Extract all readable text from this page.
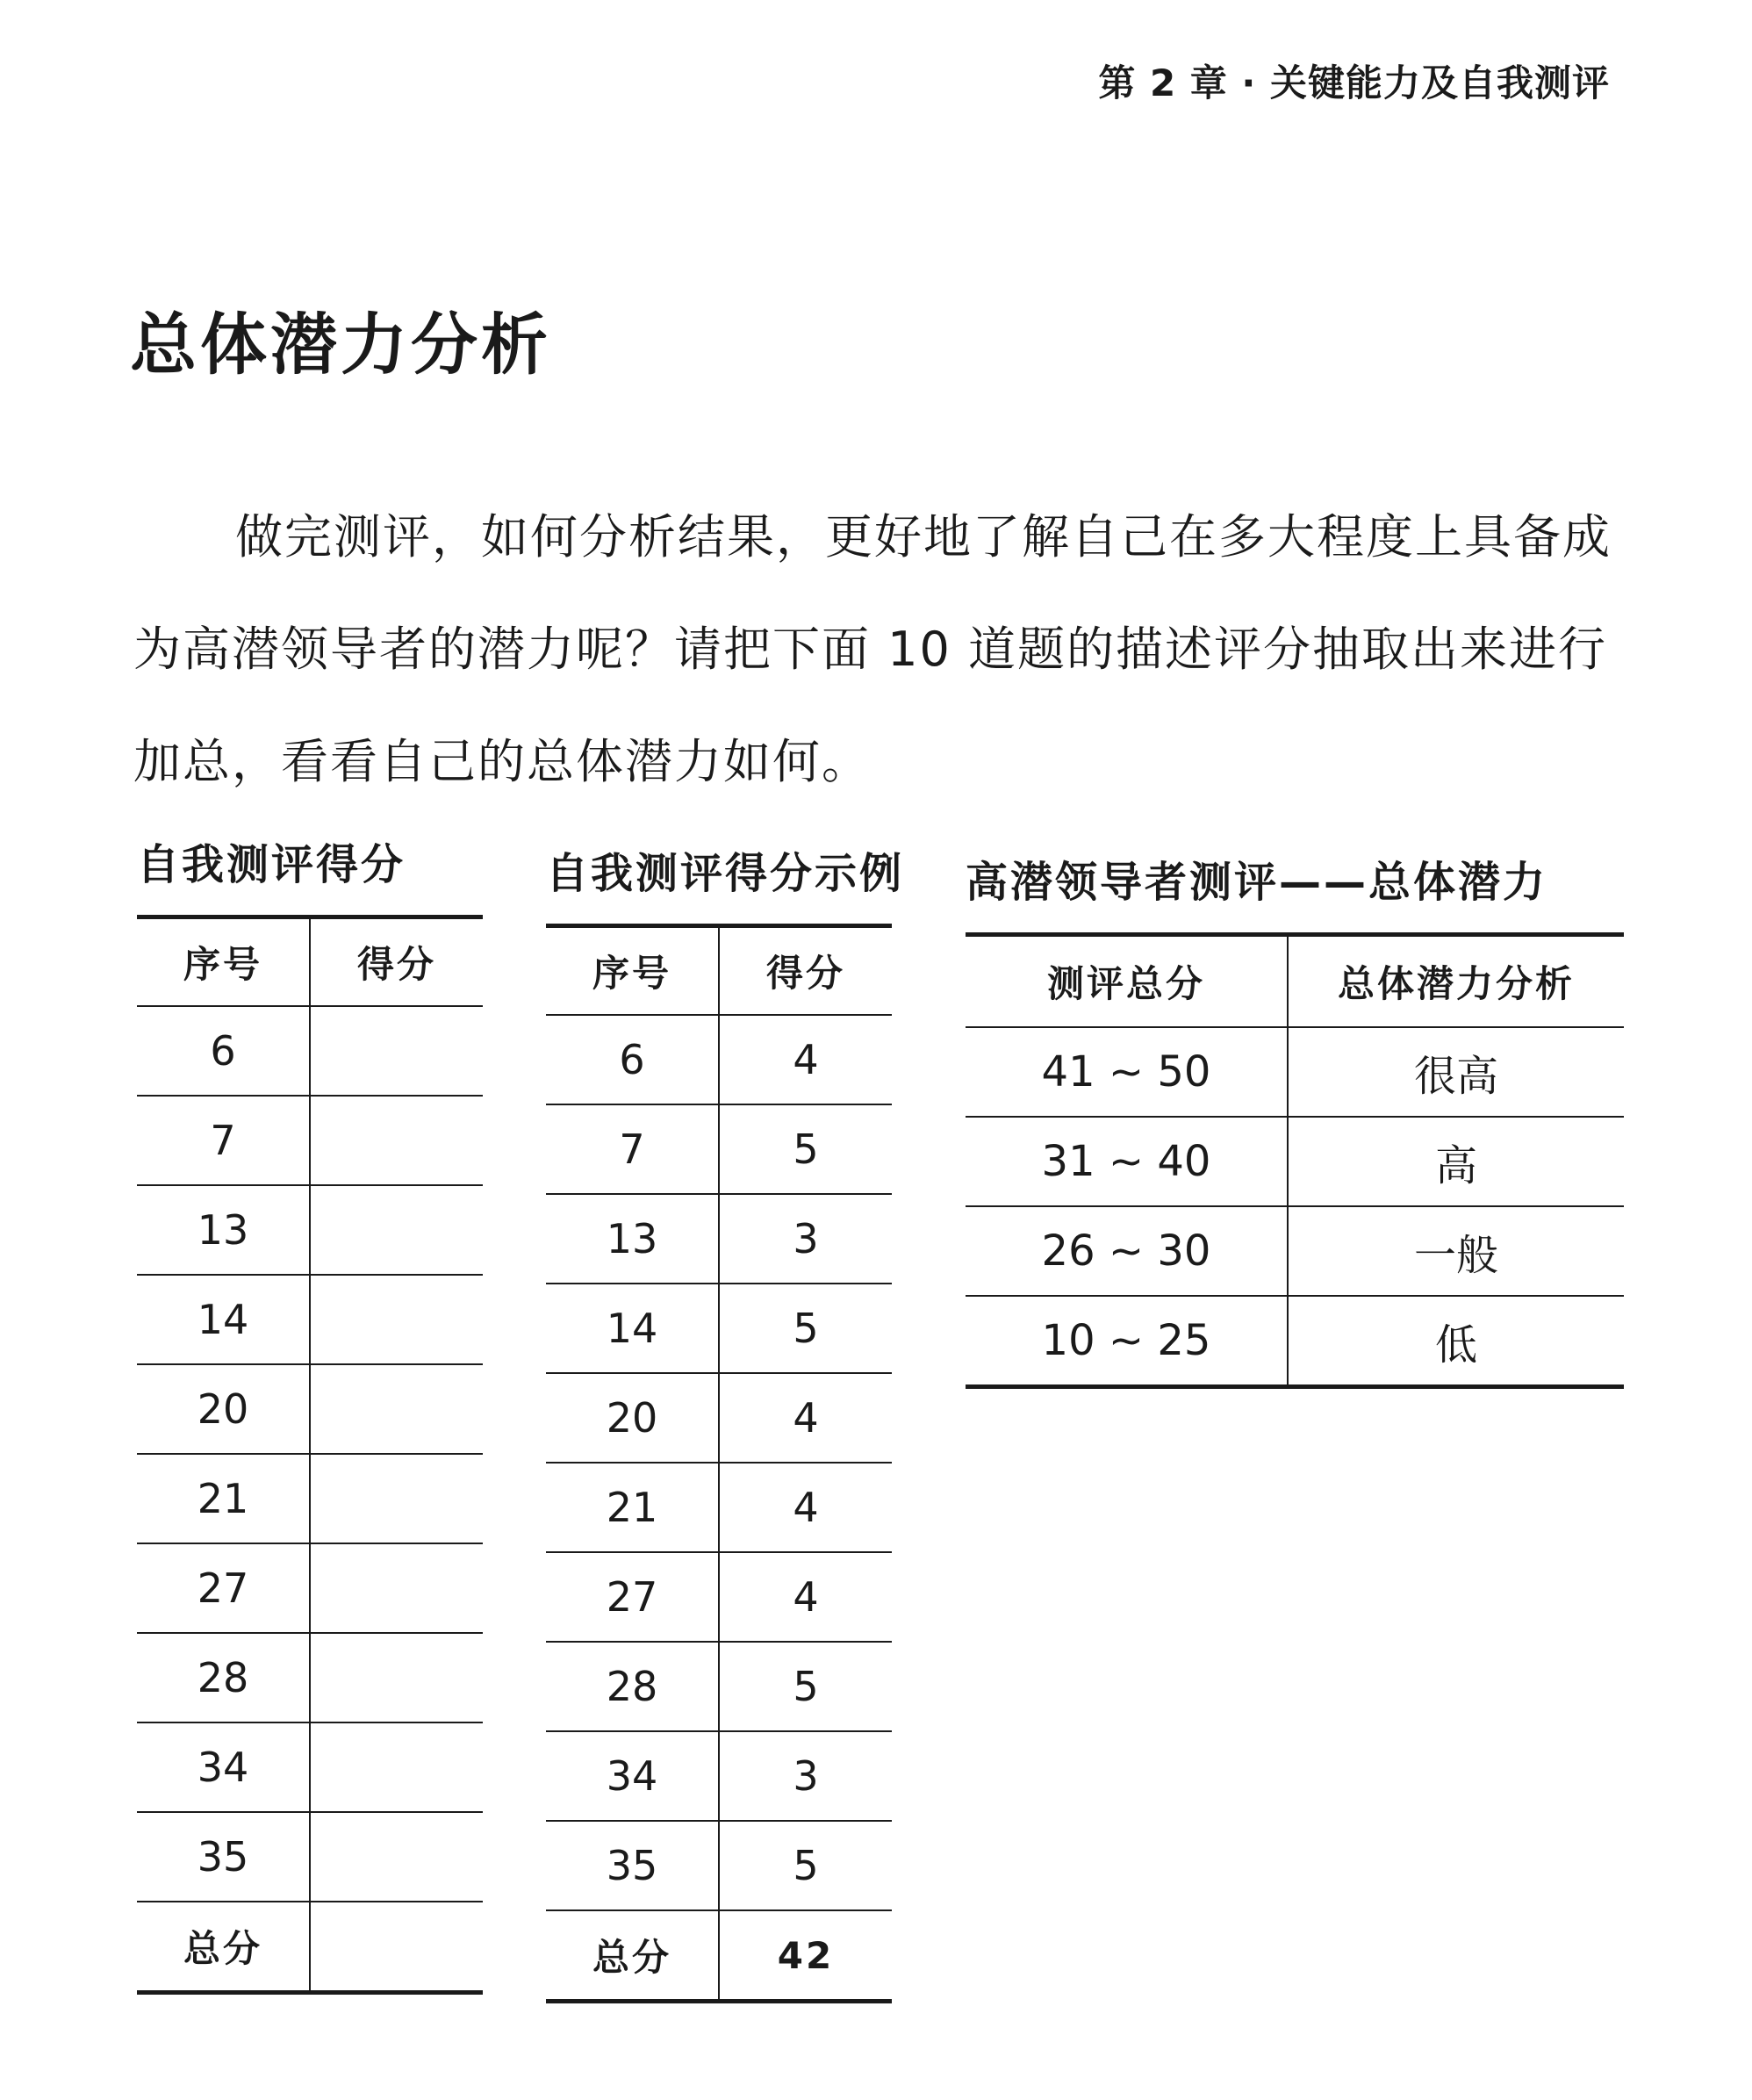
第 2 章 · 关键能力及自我测评
总体潜力分析

做完测评，如何分析结果，更好地了解自己在多大程度上具备成为高潜领导者的潜力呢？请把下面 10 道题的描述评分抽取出来进行加总，看看自己的总体潜力如何。

自我测评得分
序号	得分
6	
7	
13	
14	
20	
21	
27	
28	
34	
35	
总分	
自我测评得分示例
序号	得分
6	4
7	5
13	3
14	5
20	4
21	4
27	4
28	5
34	3
35	5
总分	42
高潜领导者测评——总体潜力
测评总分	总体潜力分析
41 ~ 50	很高
31 ~ 40	高
26 ~ 30	一般
10 ~ 25	低
